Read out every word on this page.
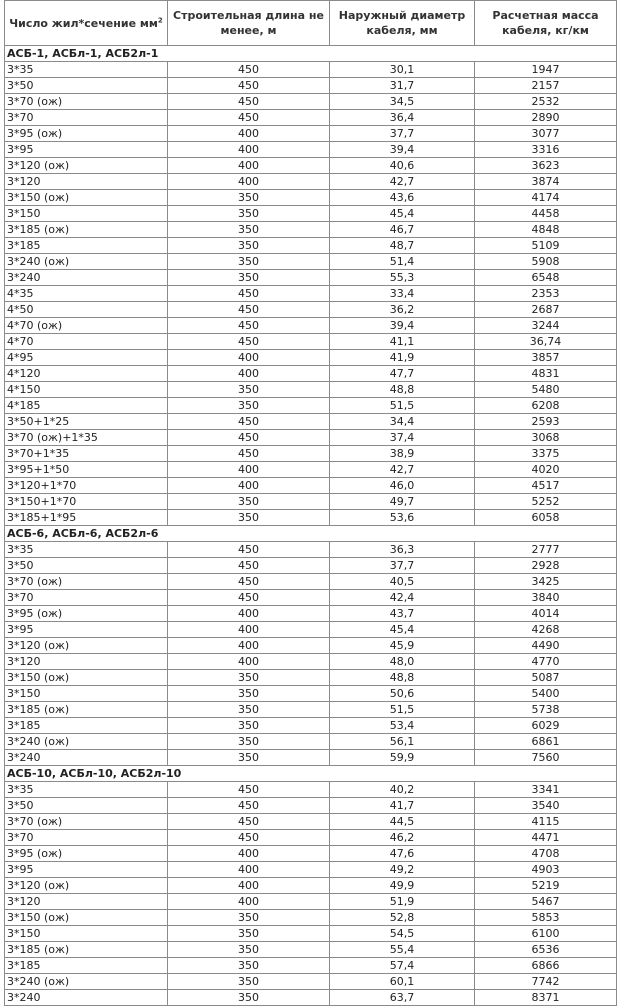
Число жил*сечение $мм^2$	Строительная длина не менее, м	Наружный диаметр кабеля, мм	Расчетная масса кабеля, кг/км
АСБ-1, АСБл-1, АСБ2л-1			
3*35	450	30,1	1947
3*50	450	31,7	2157
3*70 (ож)	450	34,5	2532
3*70	450	36,4	2890
3*95 (ож)	400	37,7	3077
3*95	400	39,4	3316
3*120 (ож)	400	40,6	3623
3*120	400	42,7	3874
3*150 (ож)	350	43,6	4174
3*150	350	45,4	4458
3*185 (ож)	350	46,7	4848
3*185	350	48,7	5109
3*240 (ож)	350	51,4	5908
3*240	350	55,3	6548
4*35	450	33,4	2353
4*50	450	36,2	2687
4*70 (ож)	450	39,4	3244
4*70	450	41,1	36,74
4*95	400	41,9	3857
4*120	400	47,7	4831
4*150	350	48,8	5480
4*185	350	51,5	6208
3*50+1*25	450	34,4	2593
3*70 (ож)+1*35	450	37,4	3068
3*70+1*35	450	38,9	3375
3*95+1*50	400	42,7	4020
3*120+1*70	400	46,0	4517
3*150+1*70	350	49,7	5252
3*185+1*95	350	53,6	6058
АСБ-6, АСБл-6, АСБ2л-6			
3*35	450	36,3	2777
3*50	450	37,7	2928
3*70 (ож)	450	40,5	3425
3*70	450	42,4	3840
3*95 (ож)	400	43,7	4014
3*95	400	45,4	4268
3*120 (ож)	400	45,9	4490
3*120	400	48,0	4770
3*150 (ож)	350	48,8	5087
3*150	350	50,6	5400
3*185 (ож)	350	51,5	5738
3*185	350	53,4	6029
3*240 (ож)	350	56,1	6861
3*240	350	59,9	7560
АСБ-10, АСБл-10, АСБ2л-10			
3*35	450	40,2	3341
3*50	450	41,7	3540
3*70 (ож)	450	44,5	4115
3*70	450	46,2	4471
3*95 (ож)	400	47,6	4708
3*95	400	49,2	4903
3*120 (ож)	400	49,9	5219
3*120	400	51,9	5467
3*150 (ож)	350	52,8	5853
3*150	350	54,5	6100
3*185 (ож)	350	55,4	6536
3*185	350	57,4	6866
3*240 (ож)	350	60,1	7742
3*240	350	63,7	8371
